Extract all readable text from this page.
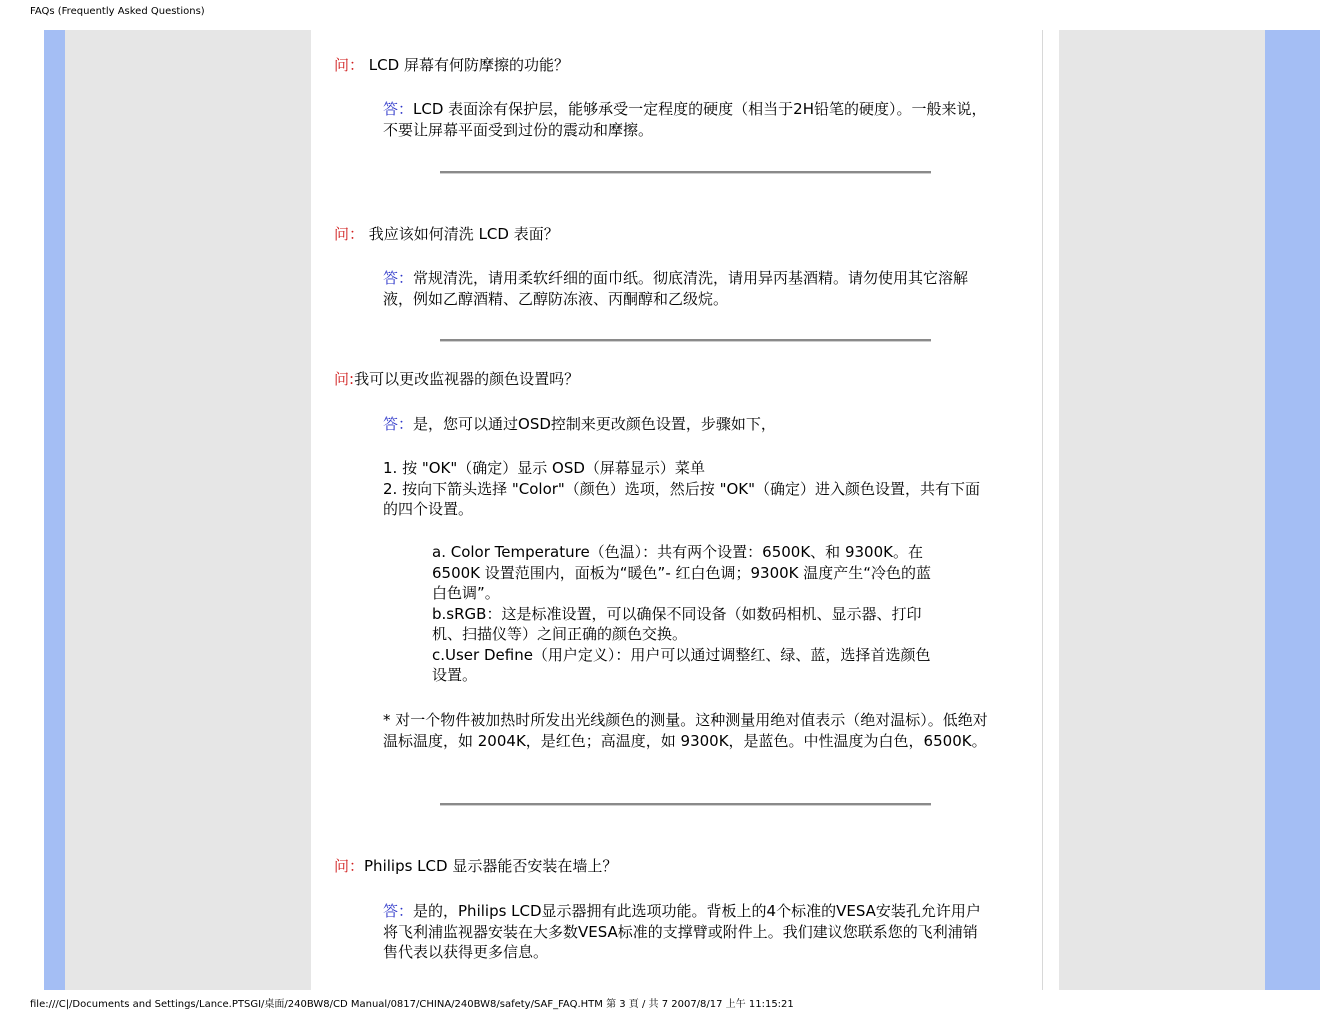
FAQs (Frequently Asked Questions)
问： LCD 屏幕有何防摩擦的功能？
答：LCD 表面涂有保护层，能够承受一定程度的硬度（相当于2H铅笔的硬度）。一般来说，不要让屏幕平面受到过份的震动和摩擦。
问： 我应该如何清洗 LCD 表面？
答：常规清洗，请用柔软纤细的面巾纸。彻底清洗，请用异丙基酒精。请勿使用其它溶解液，例如乙醇酒精、乙醇防冻液、丙酮醇和乙级烷。
问:我可以更改监视器的颜色设置吗？
答：是，您可以通过OSD控制来更改颜色设置，步骤如下，

1. 按 "OK"（确定）显示 OSD（屏幕显示）菜单

2. 按向下箭头选择 "Color"（颜色）选项，然后按 "OK"（确定）进入颜色设置，共有下面的四个设置。

a. Color Temperature（色温）：共有两个设置：6500K、和 9300K。在 6500K 设置范围内，面板为“暖色”- 红白色调；9300K 温度产生“冷色的蓝白色调”。

b.sRGB：这是标准设置，可以确保不同设备（如数码相机、显示器、打印机、扫描仪等）之间正确的颜色交换。

c.User Define（用户定义）：用户可以通过调整红、绿、蓝，选择首选颜色设置。

* 对一个物件被加热时所发出光线颜色的测量。这种测量用绝对值表示（绝对温标）。低绝对温标温度，如 2004K，是红色；高温度，如 9300K，是蓝色。中性温度为白色，6500K。
问：Philips LCD 显示器能否安装在墙上？
答：是的，Philips LCD显示器拥有此选项功能。背板上的4个标准的VESA安装孔允许用户将飞利浦监视器安装在大多数VESA标准的支撑臂或附件上。我们建议您联系您的飞利浦销售代表以获得更多信息。
file:///C|/Documents and Settings/Lance.PTSGI/桌面/240BW8/CD Manual/0817/CHINA/240BW8/safety/SAF_FAQ.HTM 第 3 頁 / 共 7 2007/8/17 上午 11:15:21
